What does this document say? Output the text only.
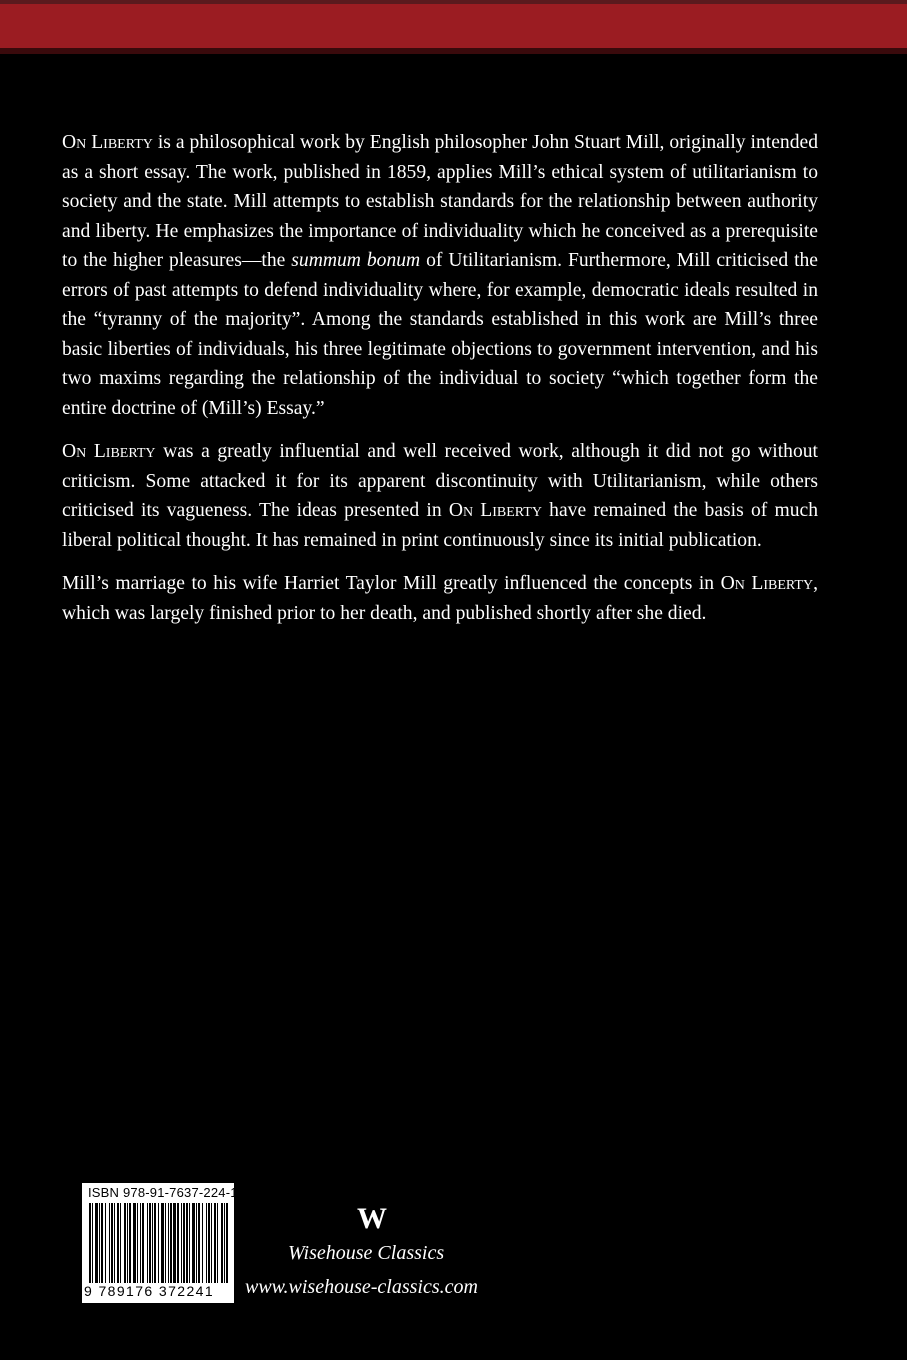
On Liberty is a philosophical work by English philosopher John Stuart Mill, originally intended as a short essay. The work, published in 1859, applies Mill’s ethical system of utilitarianism to society and the state. Mill attempts to establish standards for the relationship between authority and liberty. He emphasizes the importance of individuality which he conceived as a prerequisite to the higher pleasures—the summum bonum of Utilitarianism. Furthermore, Mill criticised the errors of past attempts to defend individuality where, for example, democratic ideals resulted in the “tyranny of the majority”. Among the standards established in this work are Mill’s three basic liberties of individuals, his three legitimate objections to government intervention, and his two maxims regarding the relationship of the individual to society “which together form the entire doctrine of (Mill’s) Essay.”

On Liberty was a greatly influential and well received work, although it did not go without criticism. Some attacked it for its apparent discontinuity with Utilitarianism, while others criticised its vagueness. The ideas presented in On Liberty have remained the basis of much liberal political thought. It has remained in print continuously since its initial publication.

Mill’s marriage to his wife Harriet Taylor Mill greatly influenced the concepts in On Liberty, which was largely finished prior to her death, and published shortly after she died.

ISBN 978-91-7637-224-1
9 789176 372241
W
Wisehouse Classics
www.wisehouse-classics.com
